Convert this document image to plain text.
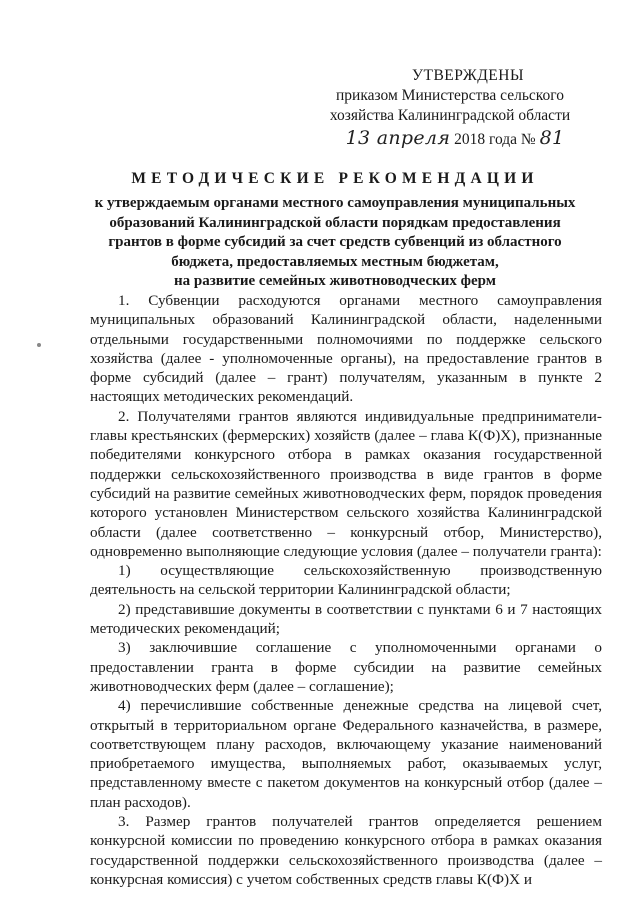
УТВЕРЖДЕНЫ
приказом Министерства сельского
хозяйства Калининградской области
13 апреля 2018 года № 81
МЕТОДИЧЕСКИЕ РЕКОМЕНДАЦИИ
к утверждаемым органами местного самоуправления муниципальных
образований Калининградской области порядкам предоставления
грантов в форме субсидий за счет средств субвенций из областного
бюджета, предоставляемых местным бюджетам,
на развитие семейных животноводческих ферм

1. Субвенции расходуются органами местного самоуправления муниципальных образований Калининградской области, наделенными отдельными государственными полномочиями по поддержке сельского хозяйства (далее - уполномоченные органы), на предоставление грантов в форме субсидий (далее – грант) получателям, указанным в пункте 2 настоящих методических рекомендаций.

2. Получателями грантов являются индивидуальные предприниматели-главы крестьянских (фермерских) хозяйств (далее – глава К(Ф)Х), признанные победителями конкурсного отбора в рамках оказания государственной поддержки сельскохозяйственного производства в виде грантов в форме субсидий на развитие семейных животноводческих ферм, порядок проведения которого установлен Министерством сельского хозяйства Калининградской области (далее соответственно – конкурсный отбор, Министерство), одновременно выполняющие следующие условия (далее – получатели гранта):

1) осуществляющие сельскохозяйственную производственную деятельность на сельской территории Калининградской области;

2) представившие документы в соответствии с пунктами 6 и 7 настоящих методических рекомендаций;

3) заключившие соглашение с уполномоченными органами о предоставлении гранта в форме субсидии на развитие семейных животноводческих ферм (далее – соглашение);

4) перечислившие собственные денежные средства на лицевой счет, открытый в территориальном органе Федерального казначейства, в размере, соответствующем плану расходов, включающему указание наименований приобретаемого имущества, выполняемых работ, оказываемых услуг, представленному вместе с пакетом документов на конкурсный отбор (далее – план расходов).

3. Размер грантов получателей грантов определяется решением конкурсной комиссии по проведению конкурсного отбора в рамках оказания государственной поддержки сельскохозяйственного производства (далее – конкурсная комиссия) с учетом собственных средств главы К(Ф)Х и
